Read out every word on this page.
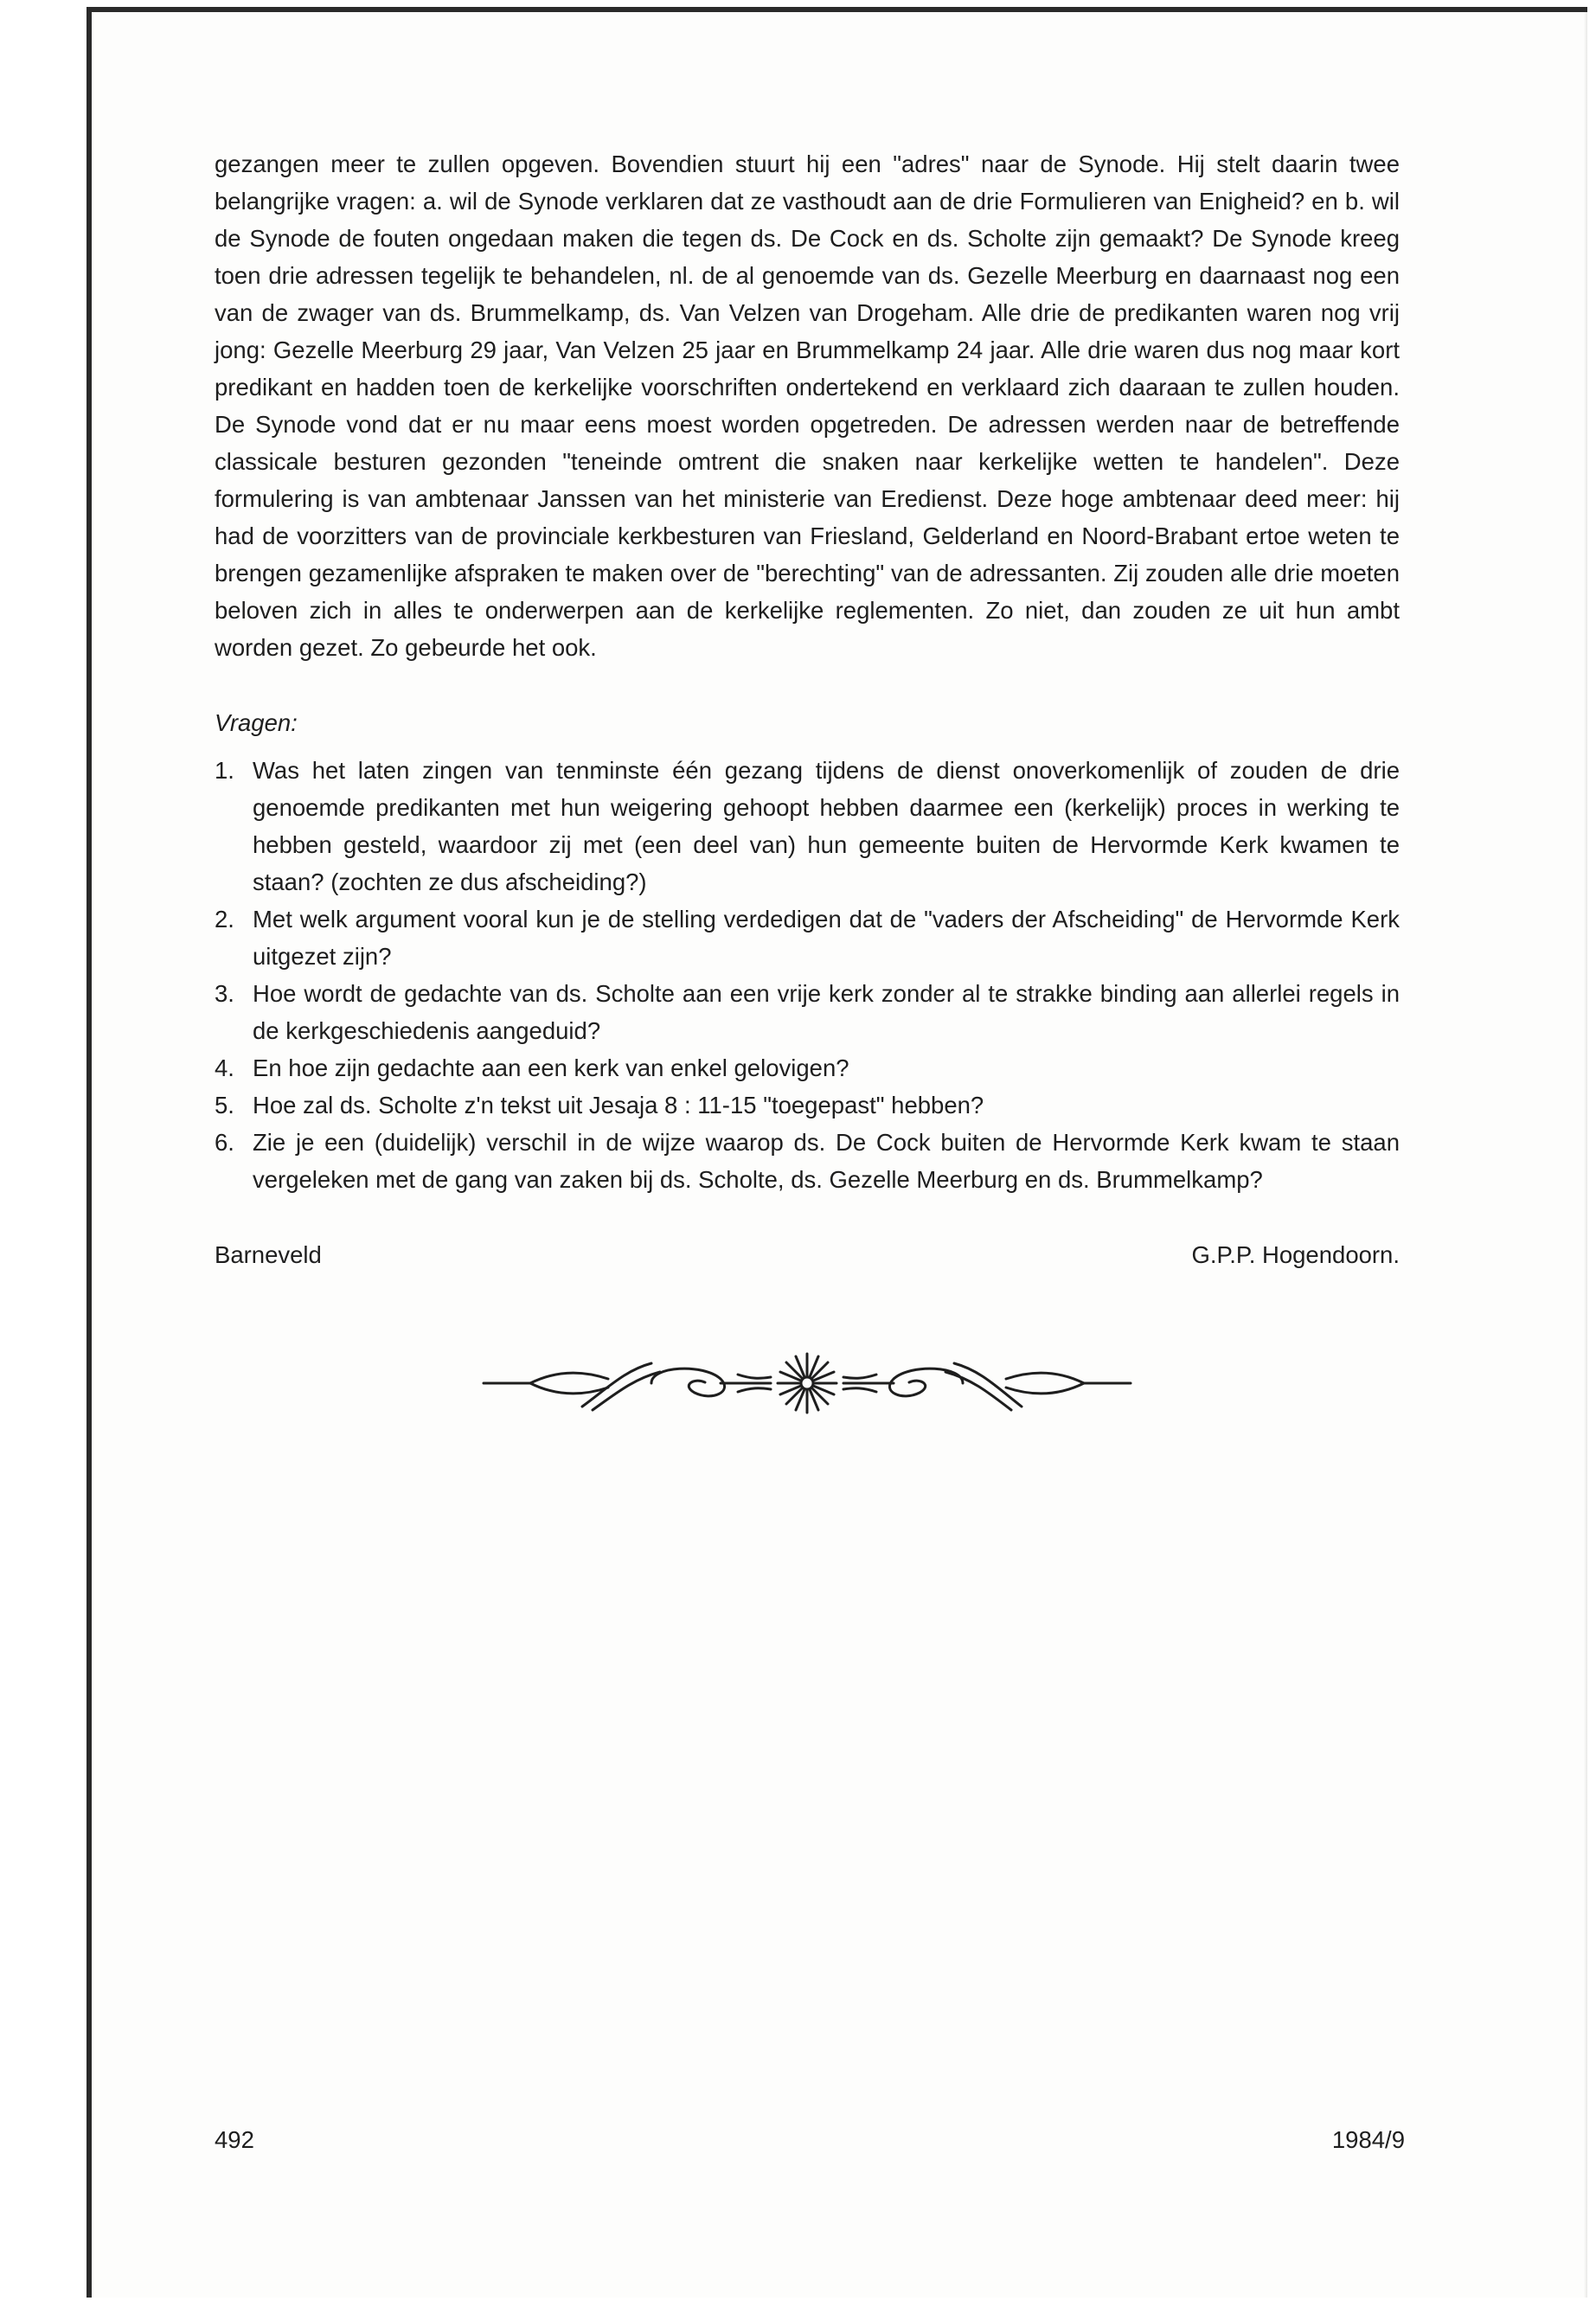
gezangen meer te zullen opgeven. Bovendien stuurt hij een "adres" naar de Synode. Hij stelt daarin twee belangrijke vragen: a. wil de Synode verklaren dat ze vasthoudt aan de drie Formulieren van Enigheid? en b. wil de Synode de fouten ongedaan maken die tegen ds. De Cock en ds. Scholte zijn gemaakt? De Synode kreeg toen drie adressen tegelijk te behandelen, nl. de al genoemde van ds. Gezelle Meerburg en daarnaast nog een van de zwager van ds. Brummelkamp, ds. Van Velzen van Drogeham. Alle drie de predikanten waren nog vrij jong: Gezelle Meerburg 29 jaar, Van Velzen 25 jaar en Brummelkamp 24 jaar. Alle drie waren dus nog maar kort predikant en hadden toen de kerkelijke voorschriften ondertekend en verklaard zich daaraan te zullen houden. De Synode vond dat er nu maar eens moest worden opgetreden. De adressen werden naar de betreffende classicale besturen gezonden "teneinde omtrent die snaken naar kerkelijke wetten te handelen". Deze formulering is van ambtenaar Janssen van het ministerie van Eredienst. Deze hoge ambtenaar deed meer: hij had de voorzitters van de provinciale kerkbesturen van Friesland, Gelderland en Noord-Brabant ertoe weten te brengen gezamenlijke afspraken te maken over de "berechting" van de adressanten. Zij zouden alle drie moeten beloven zich in alles te onderwerpen aan de kerkelijke reglementen. Zo niet, dan zouden ze uit hun ambt worden gezet. Zo gebeurde het ook.

Vragen:
1. Was het laten zingen van tenminste één gezang tijdens de dienst onoverkomenlijk of zouden de drie genoemde predikanten met hun weigering gehoopt hebben daarmee een (kerkelijk) proces in werking te hebben gesteld, waardoor zij met (een deel van) hun gemeente buiten de Hervormde Kerk kwamen te staan? (zochten ze dus afscheiding?)
2. Met welk argument vooral kun je de stelling verdedigen dat de "vaders der Afscheiding" de Hervormde Kerk uitgezet zijn?
3. Hoe wordt de gedachte van ds. Scholte aan een vrije kerk zonder al te strakke binding aan allerlei regels in de kerkgeschiedenis aangeduid?
4. En hoe zijn gedachte aan een kerk van enkel gelovigen?
5. Hoe zal ds. Scholte z'n tekst uit Jesaja 8 : 11-15 "toegepast" hebben?
6. Zie je een (duidelijk) verschil in de wijze waarop ds. De Cock buiten de Hervormde Kerk kwam te staan vergeleken met de gang van zaken bij ds. Scholte, ds. Gezelle Meerburg en ds. Brummelkamp?
Barneveld	G.P.P. Hogendoorn.
492	1984/9
